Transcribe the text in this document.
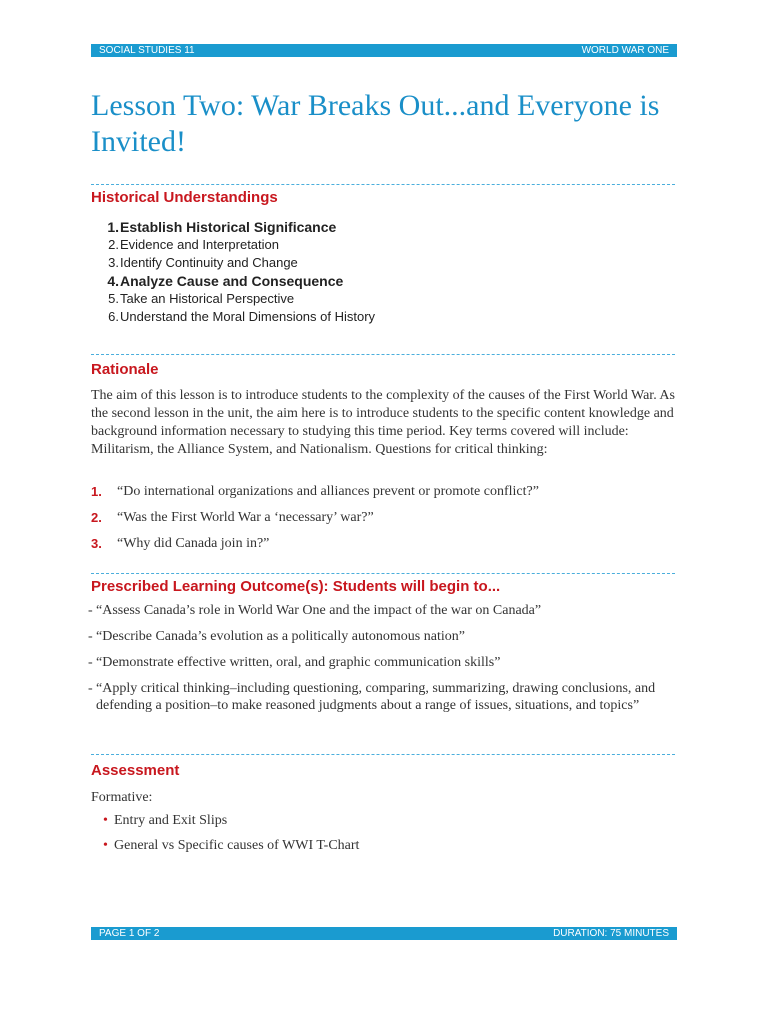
SOCIAL STUDIES 11	WORLD WAR ONE
Lesson Two: War Breaks Out...and Everyone is Invited!
Historical Understandings
1. Establish Historical Significance
2. Evidence and Interpretation
3. Identify Continuity and Change
4. Analyze Cause and Consequence
5. Take an Historical Perspective
6. Understand the Moral Dimensions of History
Rationale

The aim of this lesson is to introduce students to the complexity of the causes of the First World War. As the second lesson in the unit, the aim here is to introduce students to the specific content knowledge and background information necessary to studying this time period. Key terms covered will include: Militarism, the Alliance System, and Nationalism. Questions for critical thinking:

1.	“Do international organizations and alliances prevent or promote conflict?”
2.	“Was the First World War a ‘necessary’ war?”
3.	“Why did Canada join in?”
Prescribed Learning Outcome(s): Students will begin to...
- “Assess Canada’s role in World War One and the impact of the war on Canada”
- “Describe Canada’s evolution as a politically autonomous nation”
- “Demonstrate effective written, oral, and graphic communication skills”
- “Apply critical thinking–including questioning, comparing, summarizing, drawing conclusions, and defending a position–to make reasoned judgments about a range of issues, situations, and topics”
Assessment

Formative:

• Entry and Exit Slips
• General vs Specific causes of WWI T-Chart
PAGE 1 OF 2	DURATION: 75 MINUTES
